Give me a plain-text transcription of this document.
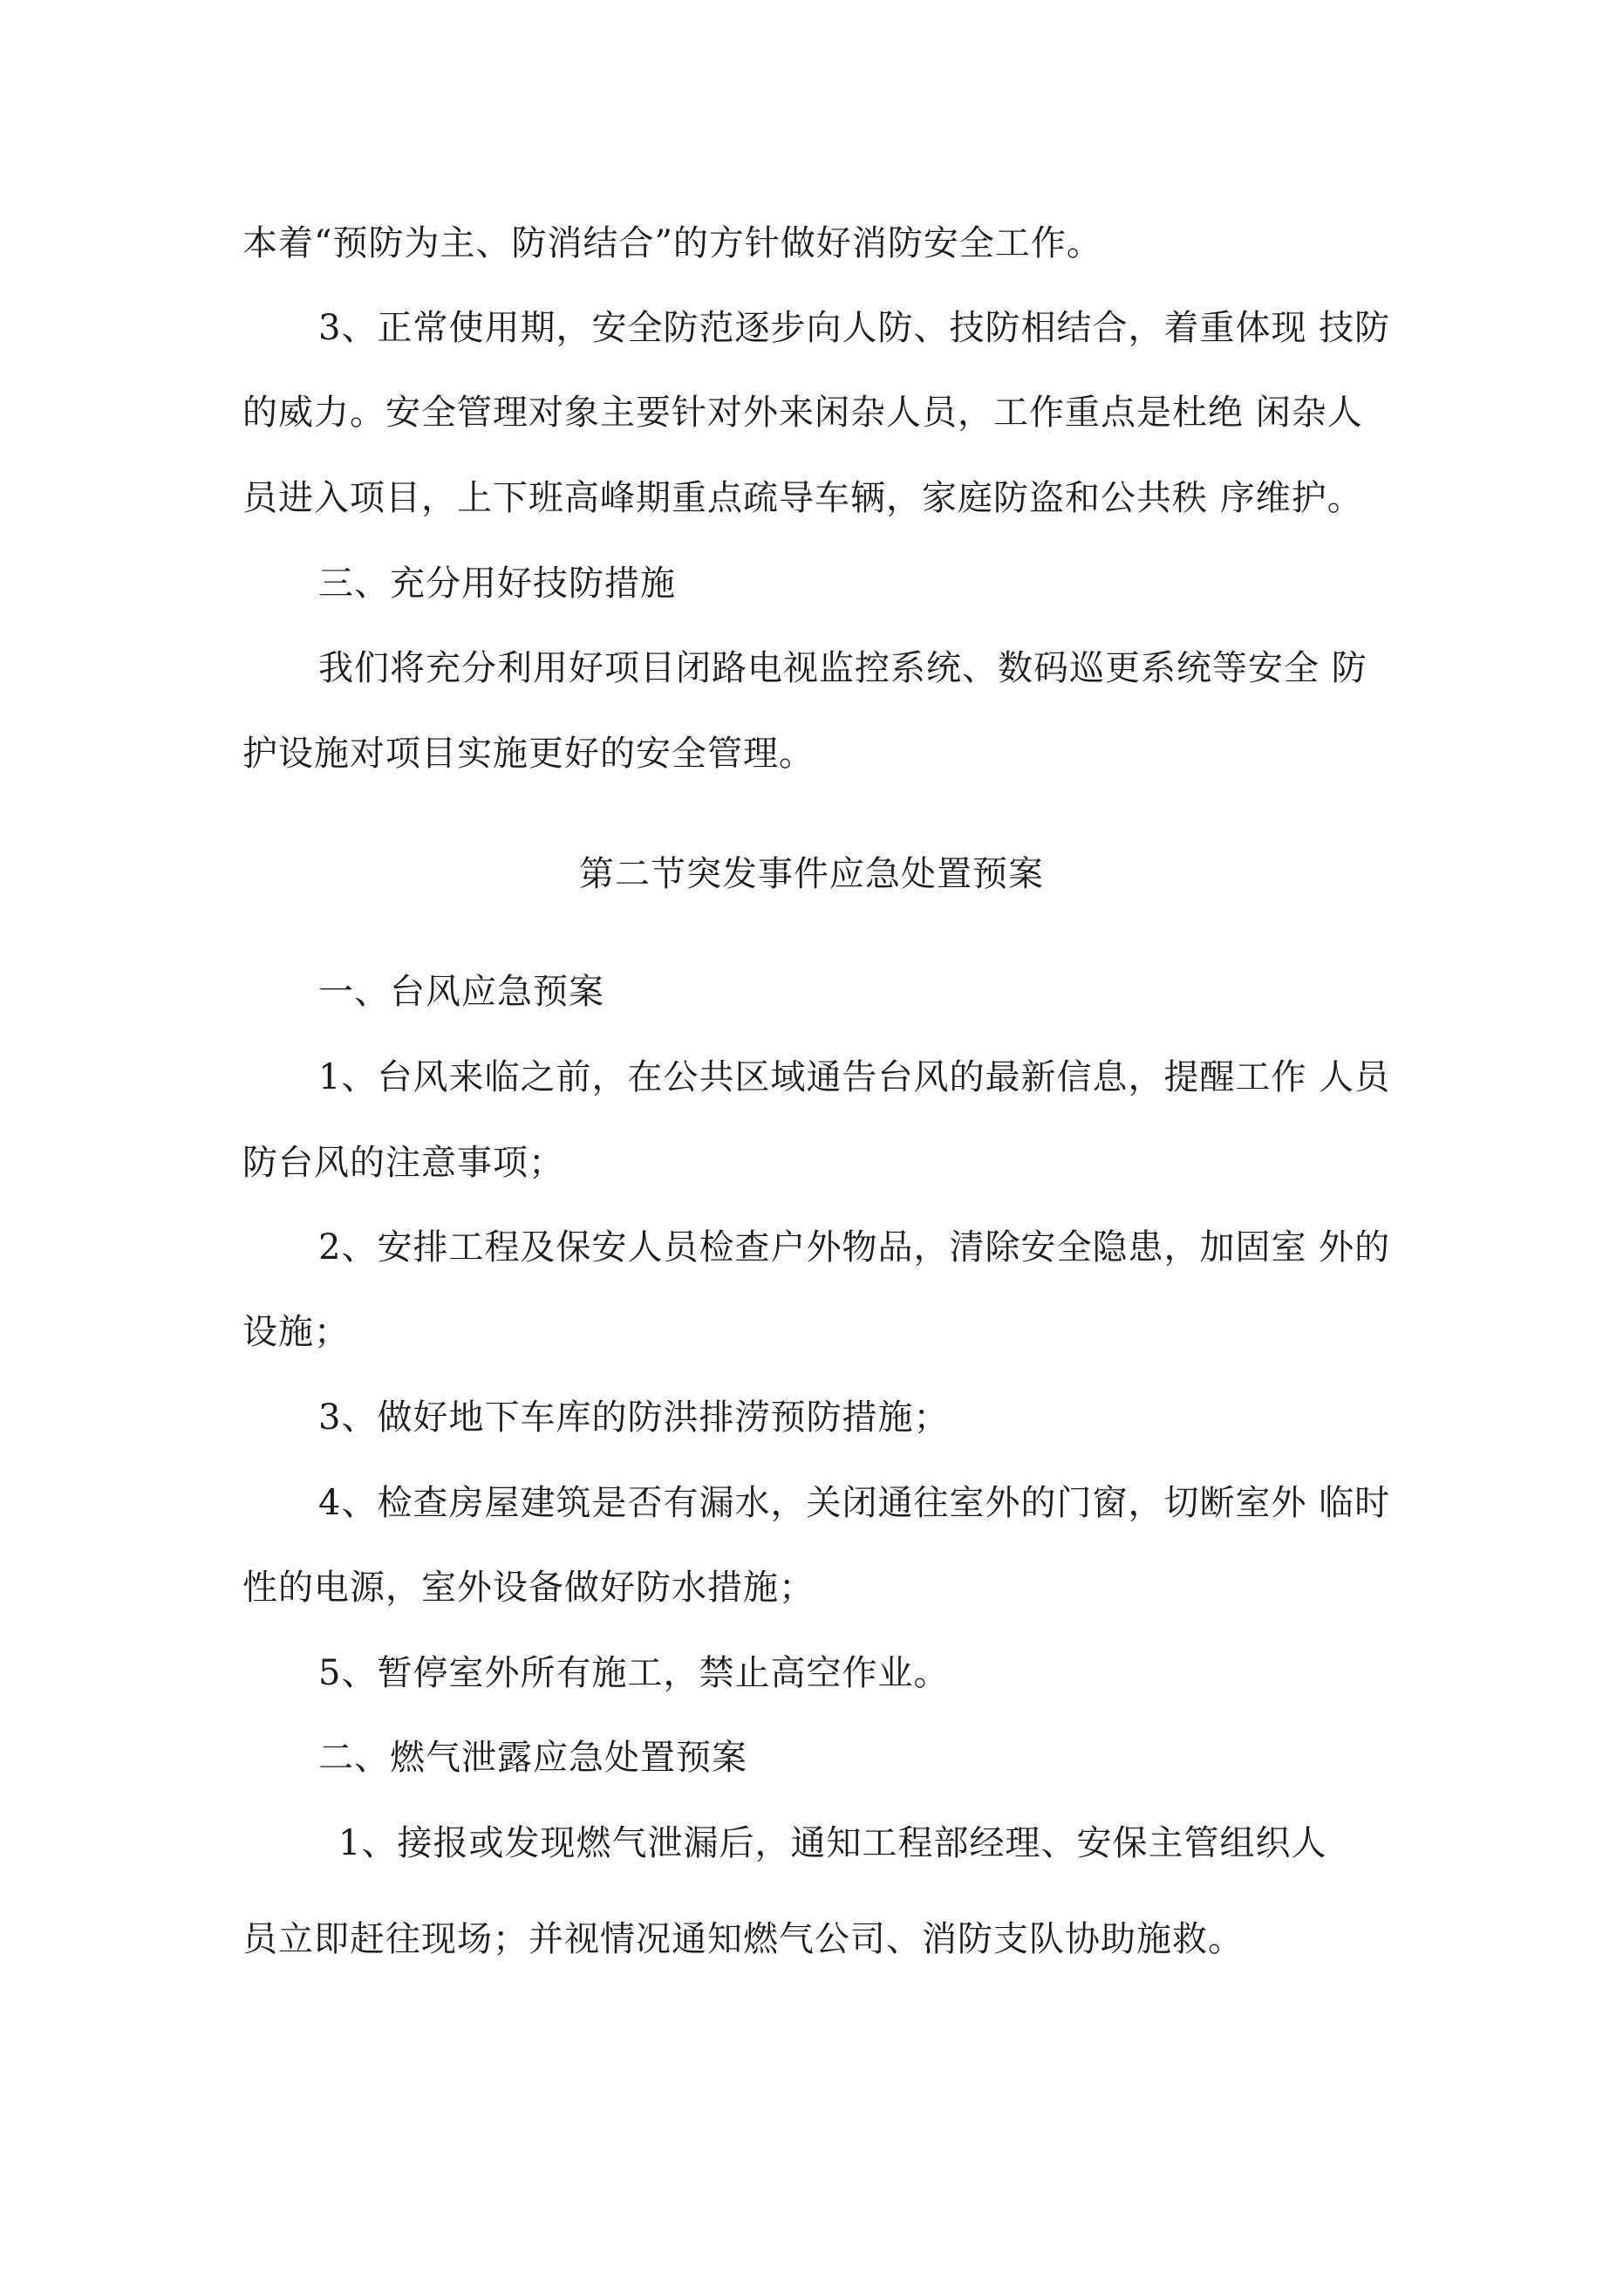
本着“预防为主、防消结合”的方针做好消防安全工作。
3、正常使用期，安全防范逐步向人防、技防相结合，着重体现 技防
的威力。安全管理对象主要针对外来闲杂人员，工作重点是杜绝 闲杂人
员进入项目，上下班高峰期重点疏导车辆，家庭防盗和公共秩 序维护。
三、充分用好技防措施
我们将充分利用好项目闭路电视监控系统、数码巡更系统等安全 防
护设施对项目实施更好的安全管理。
第二节突发事件应急处置预案
一、台风应急预案
1、台风来临之前，在公共区域通告台风的最新信息，提醒工作 人员
防台风的注意事项；
2、安排工程及保安人员检查户外物品，清除安全隐患，加固室 外的
设施；
3、做好地下车库的防洪排涝预防措施；
4、检查房屋建筑是否有漏水，关闭通往室外的门窗，切断室外 临时
性的电源，室外设备做好防水措施；
5、暂停室外所有施工，禁止高空作业。
二、燃气泄露应急处置预案
1、接报或发现燃气泄漏后，通知工程部经理、安保主管组织人
员立即赶往现场；并视情况通知燃气公司、消防支队协助施救。
